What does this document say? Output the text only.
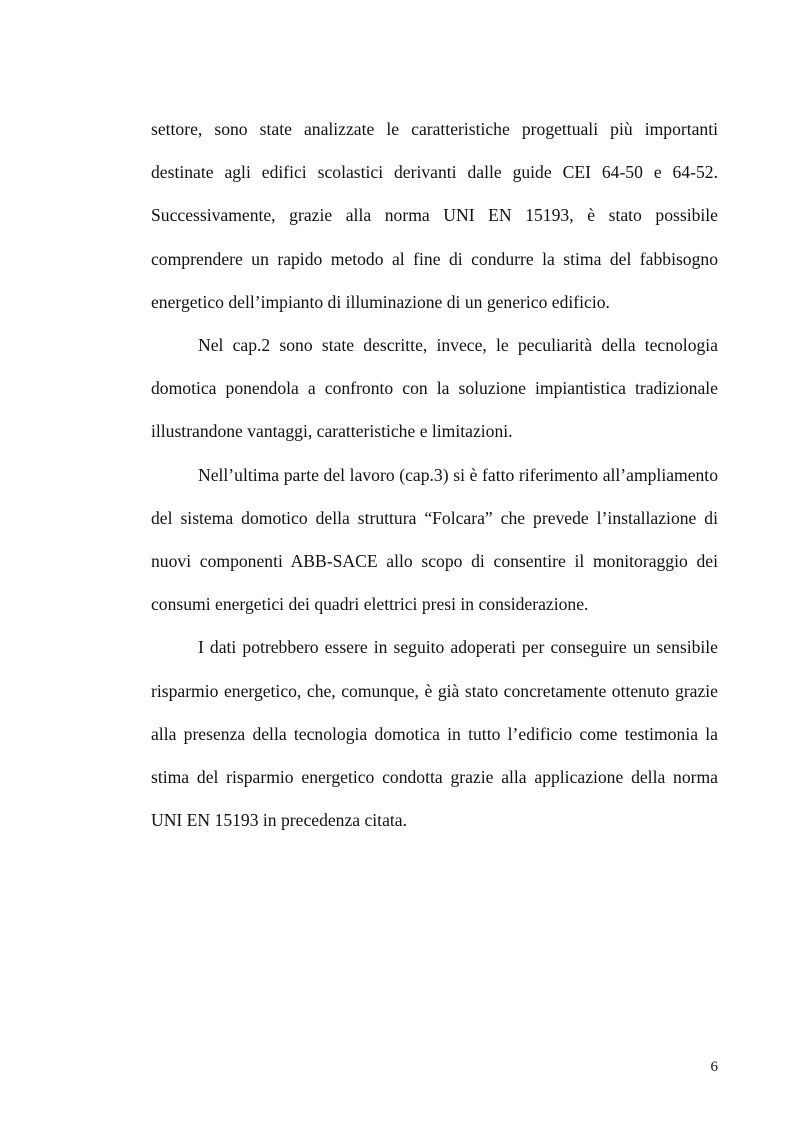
settore, sono state analizzate le caratteristiche progettuali più importanti destinate agli edifici scolastici derivanti dalle guide CEI 64-50 e 64-52. Successivamente, grazie alla norma UNI EN 15193, è stato possibile comprendere un rapido metodo al fine di condurre la stima del fabbisogno energetico dell’impianto di illuminazione di un generico edificio.

Nel cap.2 sono state descritte, invece, le peculiarità della tecnologia domotica ponendola a confronto con la soluzione impiantistica tradizionale illustrandone vantaggi, caratteristiche e limitazioni.

Nell’ultima parte del lavoro (cap.3) si è fatto riferimento all’ampliamento del sistema domotico della struttura “Folcara” che prevede l’installazione di nuovi componenti ABB-SACE allo scopo di consentire il monitoraggio dei consumi energetici dei quadri elettrici presi in considerazione.

I dati potrebbero essere in seguito adoperati per conseguire un sensibile risparmio energetico, che, comunque, è già stato concretamente ottenuto grazie alla presenza della tecnologia domotica in tutto l’edificio come testimonia la stima del risparmio energetico condotta grazie alla applicazione della norma UNI EN 15193 in precedenza citata.

6
